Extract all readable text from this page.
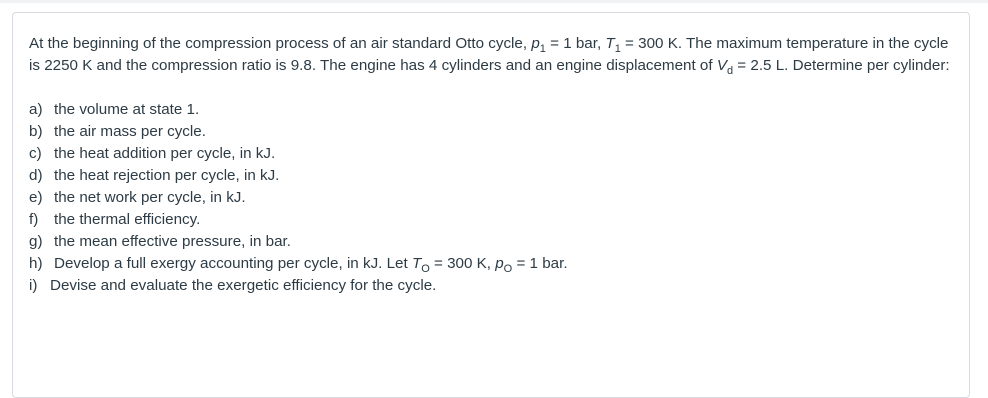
At the beginning of the compression process of an air standard Otto cycle, $p_1 = 1$ bar, $T_1 = 300$ K. The maximum temperature in the cycle is 2250 K and the compression ratio is 9.8. The engine has 4 cylinders and an engine displacement of $V_d = 2.5$ L. Determine per cylinder:

a) the volume at state 1.
b) the air mass per cycle.
c) the heat addition per cycle, in kJ.
d) the heat rejection per cycle, in kJ.
e) the net work per cycle, in kJ.
f) the thermal efficiency.
g) the mean effective pressure, in bar.
h) Develop a full exergy accounting per cycle, in kJ. Let $T_O = 300$ K, $p_O = 1$ bar.
i) Devise and evaluate the exergetic efficiency for the cycle.
